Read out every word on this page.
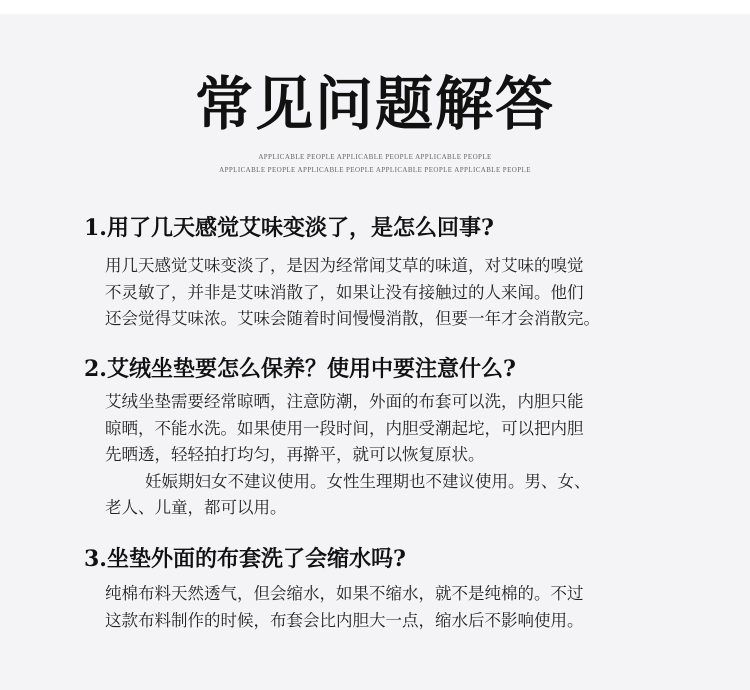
常见问题解答
APPLICABLE PEOPLE APPLICABLE PEOPLE APPLICABLE PEOPLE
APPLICABLE PEOPLE APPLICABLE PEOPLE APPLICABLE PEOPLE APPLICABLE PEOPLE
1.用了几天感觉艾味变淡了，是怎么回事?

用几天感觉艾味变淡了，是因为经常闻艾草的味道，对艾味的嗅觉

不灵敏了，并非是艾味消散了，如果让没有接触过的人来闻。他们

还会觉得艾味浓。艾味会随着时间慢慢消散，但要一年才会消散完。

2.艾绒坐垫要怎么保养？使用中要注意什么?

艾绒坐垫需要经常晾晒，注意防潮，外面的布套可以洗，内胆只能

晾晒，不能水洗。如果使用一段时间，内胆受潮起坨，可以把内胆

先晒透，轻轻拍打均匀，再擀平，就可以恢复原状。

妊娠期妇女不建议使用。女性生理期也不建议使用。男、女、

老人、儿童，都可以用。

3.坐垫外面的布套洗了会缩水吗?

纯棉布料天然透气，但会缩水，如果不缩水，就不是纯棉的。不过

这款布料制作的时候，布套会比内胆大一点，缩水后不影响使用。
